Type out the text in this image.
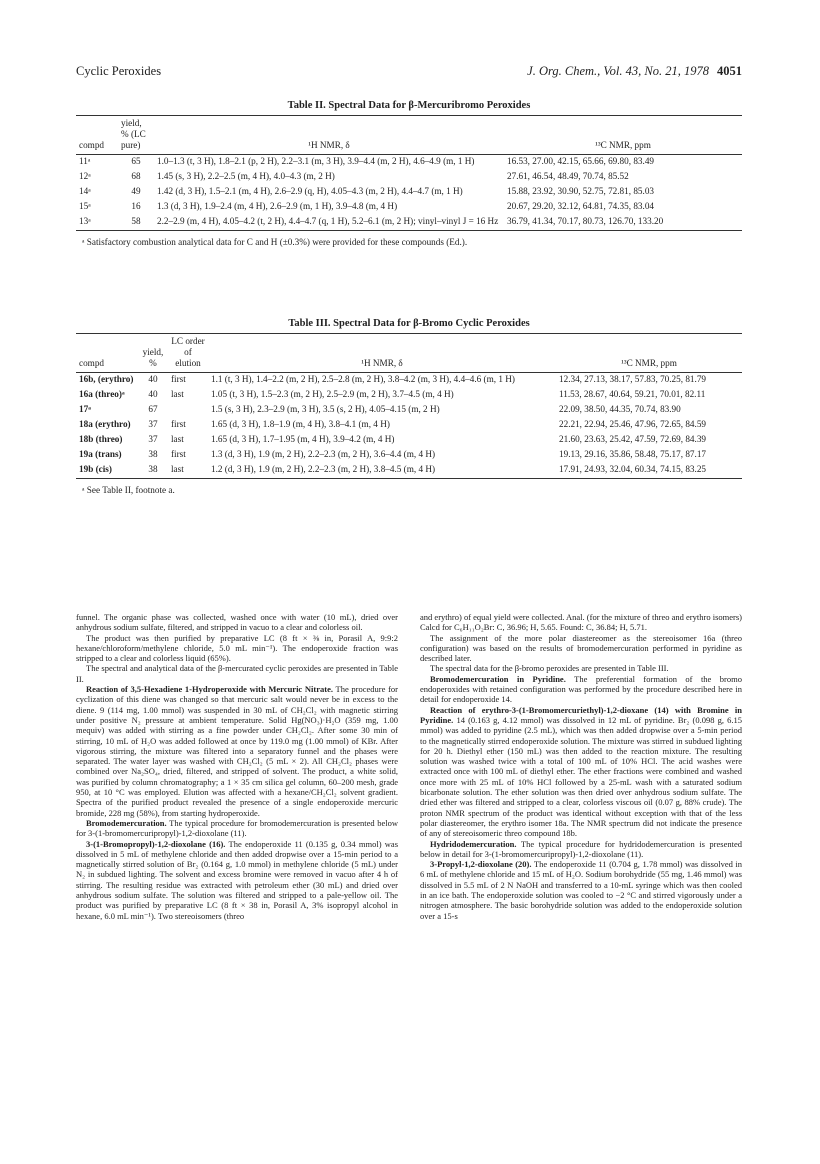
Cyclic Peroxides	J. Org. Chem., Vol. 43, No. 21, 1978 4051
Table II. Spectral Data for β-Mercuribromo Peroxides
compd	yield, % (LC pure)	¹H NMR, δ	¹³C NMR, ppm
11ᵃ	65	1.0–1.3 (t, 3 H), 1.8–2.1 (p, 2 H), 2.2–3.1 (m, 3 H), 3.9–4.4 (m, 2 H), 4.6–4.9 (m, 1 H)	16.53, 27.00, 42.15, 65.66, 69.80, 83.49
12ᵃ	68	1.45 (s, 3 H), 2.2–2.5 (m, 4 H), 4.0–4.3 (m, 2 H)	27.61, 46.54, 48.49, 70.74, 85.52
14ᵃ	49	1.42 (d, 3 H), 1.5–2.1 (m, 4 H), 2.6–2.9 (q, H), 4.05–4.3 (m, 2 H), 4.4–4.7 (m, 1 H)	15.88, 23.92, 30.90, 52.75, 72.81, 85.03
15ᵃ	16	1.3 (d, 3 H), 1.9–2.4 (m, 4 H), 2.6–2.9 (m, 1 H), 3.9–4.8 (m, 4 H)	20.67, 29.20, 32.12, 64.81, 74.35, 83.04
13ᵃ	58	2.2–2.9 (m, 4 H), 4.05–4.2 (t, 2 H), 4.4–4.7 (q, 1 H), 5.2–6.1 (m, 2 H); vinyl–vinyl J = 16 Hz	36.79, 41.34, 70.17, 80.73, 126.70, 133.20
ᵃ Satisfactory combustion analytical data for C and H (±0.3%) were provided for these compounds (Ed.).
Table III. Spectral Data for β-Bromo Cyclic Peroxides
compd	yield, %	LC order of elution	¹H NMR, δ	¹³C NMR, ppm
16b, (erythro)	40	first	1.1 (t, 3 H), 1.4–2.2 (m, 2 H), 2.5–2.8 (m, 2 H), 3.8–4.2 (m, 3 H), 4.4–4.6 (m, 1 H)	12.34, 27.13, 38.17, 57.83, 70.25, 81.79
16a (threo)ᵃ	40	last	1.05 (t, 3 H), 1.5–2.3 (m, 2 H), 2.5–2.9 (m, 2 H), 3.7–4.5 (m, 4 H)	11.53, 28.67, 40.64, 59.21, 70.01, 82.11
17ᵃ	67		1.5 (s, 3 H), 2.3–2.9 (m, 3 H), 3.5 (s, 2 H), 4.05–4.15 (m, 2 H)	22.09, 38.50, 44.35, 70.74, 83.90
18a (erythro)	37	first	1.65 (d, 3 H), 1.8–1.9 (m, 4 H), 3.8–4.1 (m, 4 H)	22.21, 22.94, 25.46, 47.96, 72.65, 84.59
18b (threo)	37	last	1.65 (d, 3 H), 1.7–1.95 (m, 4 H), 3.9–4.2 (m, 4 H)	21.60, 23.63, 25.42, 47.59, 72.69, 84.39
19a (trans)	38	first	1.3 (d, 3 H), 1.9 (m, 2 H), 2.2–2.3 (m, 2 H), 3.6–4.4 (m, 4 H)	19.13, 29.16, 35.86, 58.48, 75.17, 87.17
19b (cis)	38	last	1.2 (d, 3 H), 1.9 (m, 2 H), 2.2–2.3 (m, 2 H), 3.8–4.5 (m, 4 H)	17.91, 24.93, 32.04, 60.34, 74.15, 83.25
ᵃ See Table II, footnote a.

funnel. The organic phase was collected, washed once with water (10 mL), dried over anhydrous sodium sulfate, filtered, and stripped in vacuo to a clear and colorless oil.

The product was then purified by preparative LC (8 ft × ⅜ in, Porasil A, 9:9:2 hexane/chloroform/methylene chloride, 5.0 mL min⁻¹). The endoperoxide fraction was stripped to a clear and colorless liquid (65%).

The spectral and analytical data of the β-mercurated cyclic peroxides are presented in Table II.

Reaction of 3,5-Hexadiene 1-Hydroperoxide with Mercuric Nitrate. The procedure for cyclization of this diene was changed so that mercuric salt would never be in excess to the diene. 9 (114 mg, 1.00 mmol) was suspended in 30 mL of CH₂Cl₂ with magnetic stirring under positive N₂ pressure at ambient temperature. Solid Hg(NO₃)·H₂O (359 mg, 1.00 mequiv) was added with stirring as a fine powder under CH₂Cl₂. After some 30 min of stirring, 10 mL of H₂O was added followed at once by 119.0 mg (1.00 mmol) of KBr. After vigorous stirring, the mixture was filtered into a separatory funnel and the phases were separated. The water layer was washed with CH₂Cl₂ (5 mL × 2). All CH₂Cl₂ phases were combined over Na₂SO₄, dried, filtered, and stripped of solvent. The product, a white solid, was purified by column chromatography; a 1 × 35 cm silica gel column, 60–200 mesh, grade 950, at 10 °C was employed. Elution was affected with a hexane/CH₂Cl₂ solvent gradient. Spectra of the purified product revealed the presence of a single endoperoxide mercuric bromide, 228 mg (58%), from starting hydroperoxide.

Bromodemercuration. The typical procedure for bromodemercuration is presented below for 3-(1-bromomercuripropyl)-1,2-dioxolane (11).

3-(1-Bromopropyl)-1,2-dioxolane (16). The endoperoxide 11 (0.135 g, 0.34 mmol) was dissolved in 5 mL of methylene chloride and then added dropwise over a 15-min period to a magnetically stirred solution of Br₂ (0.164 g, 1.0 mmol) in methylene chloride (5 mL) under N₂ in subdued lighting. The solvent and excess bromine were removed in vacuo after 4 h of stirring. The resulting residue was extracted with petroleum ether (30 mL) and dried over anhydrous sodium sulfate. The solution was filtered and stripped to a pale-yellow oil. The product was purified by preparative LC (8 ft × 38 in, Porasil A, 3% isopropyl alcohol in hexane, 6.0 mL min⁻¹). Two stereoisomers (threo

and erythro) of equal yield were collected. Anal. (for the mixture of threo and erythro isomers) Calcd for C₆H₁₁O₂Br: C, 36.96; H, 5.65. Found: C, 36.84; H, 5.71.

The assignment of the more polar diastereomer as the stereoisomer 16a (threo configuration) was based on the results of bromodemercuration performed in pyridine as described later.

The spectral data for the β-bromo peroxides are presented in Table III.

Bromodemercuration in Pyridine. The preferential formation of the bromo endoperoxides with retained configuration was performed by the procedure described here in detail for endoperoxide 14.

Reaction of erythro-3-(1-Bromomercuriethyl)-1,2-dioxane (14) with Bromine in Pyridine. 14 (0.163 g, 4.12 mmol) was dissolved in 12 mL of pyridine. Br₂ (0.098 g, 6.15 mmol) was added to pyridine (2.5 mL), which was then added dropwise over a 5-min period to the magnetically stirred endoperoxide solution. The mixture was stirred in subdued lighting for 20 h. Diethyl ether (150 mL) was then added to the reaction mixture. The resulting solution was washed twice with a total of 100 mL of 10% HCl. The acid washes were extracted once with 100 mL of diethyl ether. The ether fractions were combined and washed once more with 25 mL of 10% HCl followed by a 25-mL wash with a saturated sodium bicarbonate solution. The ether solution was then dried over anhydrous sodium sulfate. The dried ether was filtered and stripped to a clear, colorless viscous oil (0.07 g, 88% crude). The proton NMR spectrum of the product was identical without exception with that of the less polar diastereomer, the erythro isomer 18a. The NMR spectrum did not indicate the presence of any of stereoisomeric threo compound 18b.

Hydridodemercuration. The typical procedure for hydridodemercuration is presented below in detail for 3-(1-bromomercuripropyl)-1,2-dioxolane (11).

3-Propyl-1,2-dioxolane (20). The endoperoxide 11 (0.704 g, 1.78 mmol) was dissolved in 6 mL of methylene chloride and 15 mL of H₂O. Sodium borohydride (55 mg, 1.46 mmol) was dissolved in 5.5 mL of 2 N NaOH and transferred to a 10-mL syringe which was then cooled in an ice bath. The endoperoxide solution was cooled to −2 °C and stirred vigorously under a nitrogen atmosphere. The basic borohydride solution was added to the endoperoxide solution over a 15-s
